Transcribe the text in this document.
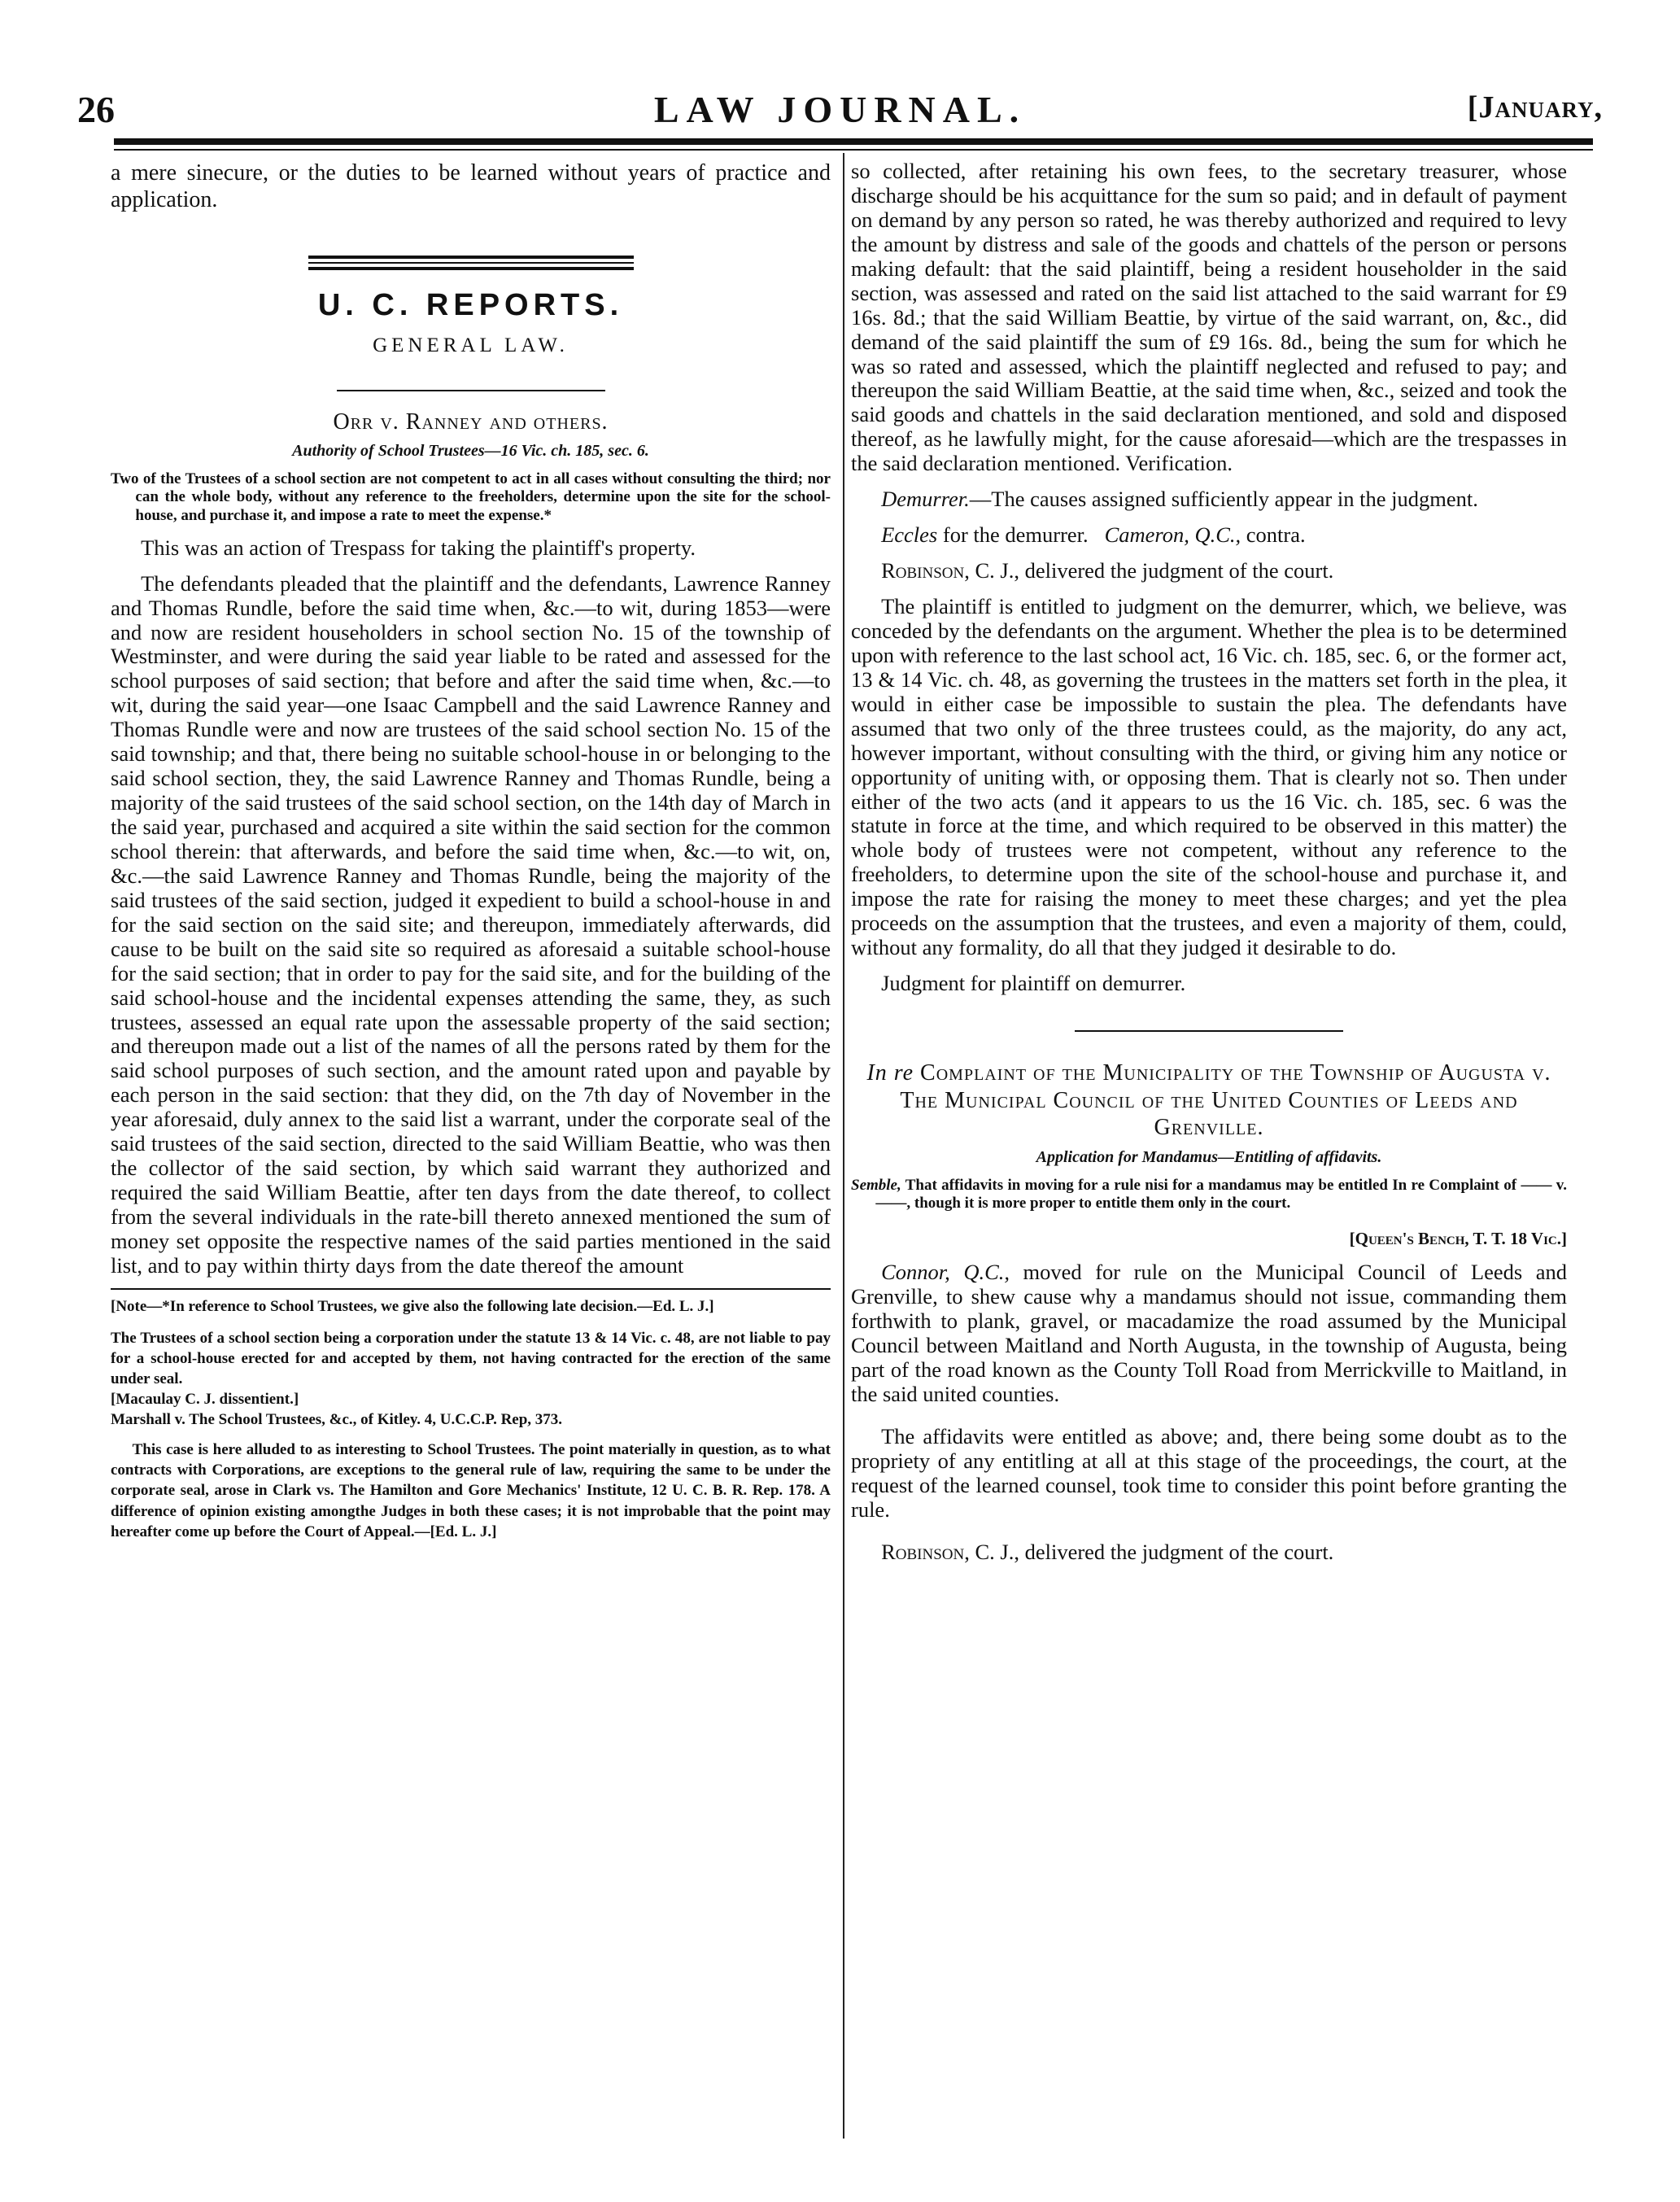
26	LAW JOURNAL.	[January,

a mere sinecure, or the duties to be learned without years of practice and application.

U. C. REPORTS.
GENERAL LAW.
Orr v. Ranney and others.
Authority of School Trustees—16 Vic. ch. 185, sec. 6.
Two of the Trustees of a school section are not competent to act in all cases without consulting the third; nor can the whole body, without any reference to the freeholders, determine upon the site for the school-house, and purchase it, and impose a rate to meet the expense.*

This was an action of Trespass for taking the plaintiff's property.

The defendants pleaded that the plaintiff and the defendants, Lawrence Ranney and Thomas Rundle, before the said time when, &c.—to wit, during 1853—were and now are resident householders in school section No. 15 of the township of Westminster, and were during the said year liable to be rated and assessed for the school purposes of said section; that before and after the said time when, &c.—to wit, during the said year—one Isaac Campbell and the said Lawrence Ranney and Thomas Rundle were and now are trustees of the said school section No. 15 of the said township; and that, there being no suitable school-house in or belonging to the said school section, they, the said Lawrence Ranney and Thomas Rundle, being a majority of the said trustees of the said school section, on the 14th day of March in the said year, purchased and acquired a site within the said section for the common school therein: that afterwards, and before the said time when, &c.—to wit, on, &c.—the said Lawrence Ranney and Thomas Rundle, being the majority of the said trustees of the said section, judged it expedient to build a school-house in and for the said section on the said site; and thereupon, immediately afterwards, did cause to be built on the said site so required as aforesaid a suitable school-house for the said section; that in order to pay for the said site, and for the building of the said school-house and the incidental expenses attending the same, they, as such trustees, assessed an equal rate upon the assessable property of the said section; and thereupon made out a list of the names of all the persons rated by them for the said school purposes of such section, and the amount rated upon and payable by each person in the said section: that they did, on the 7th day of November in the year aforesaid, duly annex to the said list a warrant, under the corporate seal of the said trustees of the said section, directed to the said William Beattie, who was then the collector of the said section, by which said warrant they authorized and required the said William Beattie, after ten days from the date thereof, to collect from the several individuals in the rate-bill thereto annexed mentioned the sum of money set opposite the respective names of the said parties mentioned in the said list, and to pay within thirty days from the date thereof the amount

[Note—*In reference to School Trustees, we give also the following late decision.—Ed. L. J.]
The Trustees of a school section being a corporation under the statute 13 & 14 Vic. c. 48, are not liable to pay for a school-house erected for and accepted by them, not having contracted for the erection of the same under seal.
[Macaulay C. J. dissentient.]
Marshall v. The School Trustees, &c., of Kitley. 4, U.C.C.P. Rep, 373.
This case is here alluded to as interesting to School Trustees. The point materially in question, as to what contracts with Corporations, are exceptions to the general rule of law, requiring the same to be under the corporate seal, arose in Clark vs. The Hamilton and Gore Mechanics' Institute, 12 U. C. B. R. Rep. 178. A difference of opinion existing amongthe Judges in both these cases; it is not improbable that the point may hereafter come up before the Court of Appeal.—[Ed. L. J.]

so collected, after retaining his own fees, to the secretary treasurer, whose discharge should be his acquittance for the sum so paid; and in default of payment on demand by any person so rated, he was thereby authorized and required to levy the amount by distress and sale of the goods and chattels of the person or persons making default: that the said plaintiff, being a resident householder in the said section, was assessed and rated on the said list attached to the said warrant for £9 16s. 8d.; that the said William Beattie, by virtue of the said warrant, on, &c., did demand of the said plaintiff the sum of £9 16s. 8d., being the sum for which he was so rated and assessed, which the plaintiff neglected and refused to pay; and thereupon the said William Beattie, at the said time when, &c., seized and took the said goods and chattels in the said declaration mentioned, and sold and disposed thereof, as he lawfully might, for the cause aforesaid—which are the trespasses in the said declaration mentioned. Verification.

Demurrer.—The causes assigned sufficiently appear in the judgment.

Eccles for the demurrer. Cameron, Q.C., contra.

Robinson, C. J., delivered the judgment of the court.

The plaintiff is entitled to judgment on the demurrer, which, we believe, was conceded by the defendants on the argument. Whether the plea is to be determined upon with reference to the last school act, 16 Vic. ch. 185, sec. 6, or the former act, 13 & 14 Vic. ch. 48, as governing the trustees in the matters set forth in the plea, it would in either case be impossible to sustain the plea. The defendants have assumed that two only of the three trustees could, as the majority, do any act, however important, without consulting with the third, or giving him any notice or opportunity of uniting with, or opposing them. That is clearly not so. Then under either of the two acts (and it appears to us the 16 Vic. ch. 185, sec. 6 was the statute in force at the time, and which required to be observed in this matter) the whole body of trustees were not competent, without any reference to the freeholders, to determine upon the site of the school-house and purchase it, and impose the rate for raising the money to meet these charges; and yet the plea proceeds on the assumption that the trustees, and even a majority of them, could, without any formality, do all that they judged it desirable to do.

Judgment for plaintiff on demurrer.

In re Complaint of the Municipality of the Township of Augusta v. The Municipal Council of the United Counties of Leeds and Grenville.
Application for Mandamus—Entitling of affidavits.
Semble, That affidavits in moving for a rule nisi for a mandamus may be entitled In re Complaint of —— v. ——, though it is more proper to entitle them only in the court.
[Queen's Bench, T. T. 18 Vic.]

Connor, Q.C., moved for rule on the Municipal Council of Leeds and Grenville, to shew cause why a mandamus should not issue, commanding them forthwith to plank, gravel, or macadamize the road assumed by the Municipal Council between Maitland and North Augusta, in the township of Augusta, being part of the road known as the County Toll Road from Merrickville to Maitland, in the said united counties.

The affidavits were entitled as above; and, there being some doubt as to the propriety of any entitling at all at this stage of the proceedings, the court, at the request of the learned counsel, took time to consider this point before granting the rule.

Robinson, C. J., delivered the judgment of the court.
